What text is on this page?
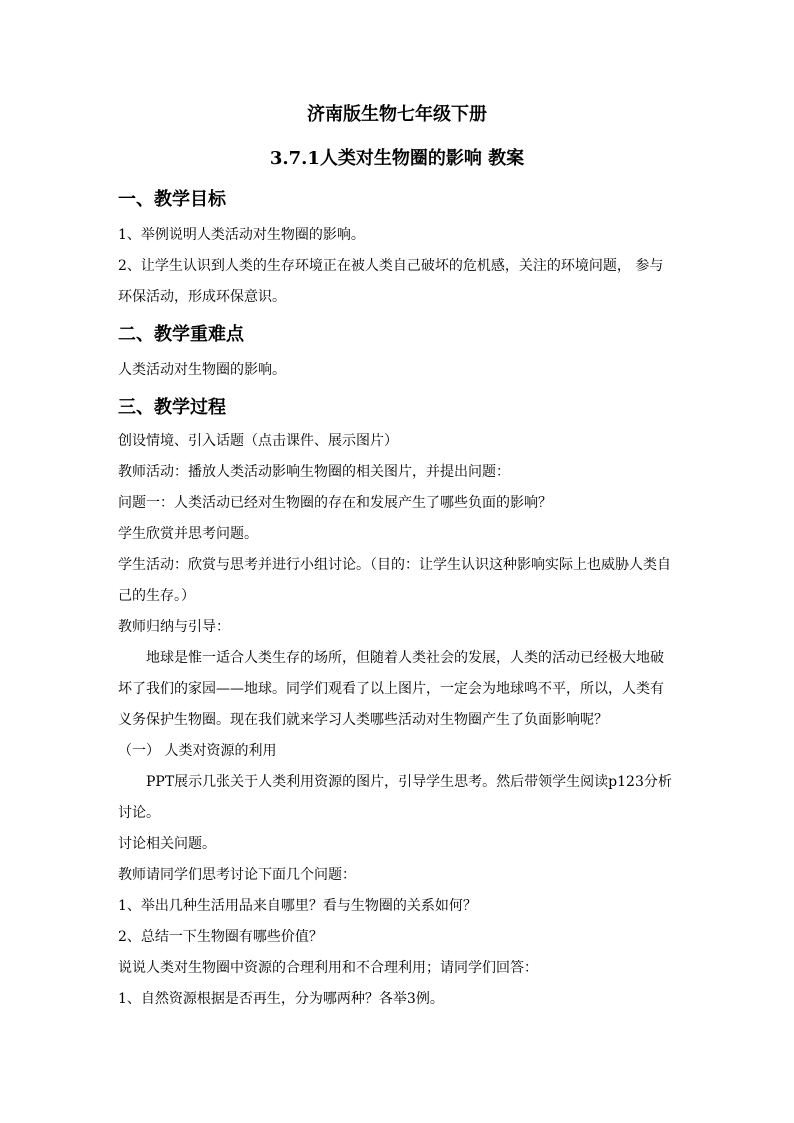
济南版生物七年级下册
3.7.1人类对生物圈的影响 教案
一、教学目标
1、举例说明人类活动对生物圈的影响。
2、让学生认识到人类的生存环境正在被人类自己破坏的危机感，关注的环境问题， 参与环保活动，形成环保意识。
二、教学重难点
人类活动对生物圈的影响。
三、教学过程
创设情境、引入话题（点击课件、展示图片）
教师活动：播放人类活动影响生物圈的相关图片，并提出问题：
问题一：人类活动已经对生物圈的存在和发展产生了哪些负面的影响？
学生欣赏并思考问题。
学生活动：欣赏与思考并进行小组讨论。（目的：让学生认识这种影响实际上也威胁人类自己的生存。）
教师归纳与引导：
地球是惟一适合人类生存的场所，但随着人类社会的发展，人类的活动已经极大地破坏了我们的家园——地球。同学们观看了以上图片，一定会为地球鸣不平，所以，人类有义务保护生物圈。现在我们就来学习人类哪些活动对生物圈产生了负面影响呢？
（一） 人类对资源的利用
PPT展示几张关于人类利用资源的图片，引导学生思考。然后带领学生阅读p123分析讨论。
讨论相关问题。
教师请同学们思考讨论下面几个问题：
1、举出几种生活用品来自哪里？看与生物圈的关系如何？
2、总结一下生物圈有哪些价值？
说说人类对生物圈中资源的合理利用和不合理利用；请同学们回答：
1、自然资源根据是否再生，分为哪两种？各举3例。
